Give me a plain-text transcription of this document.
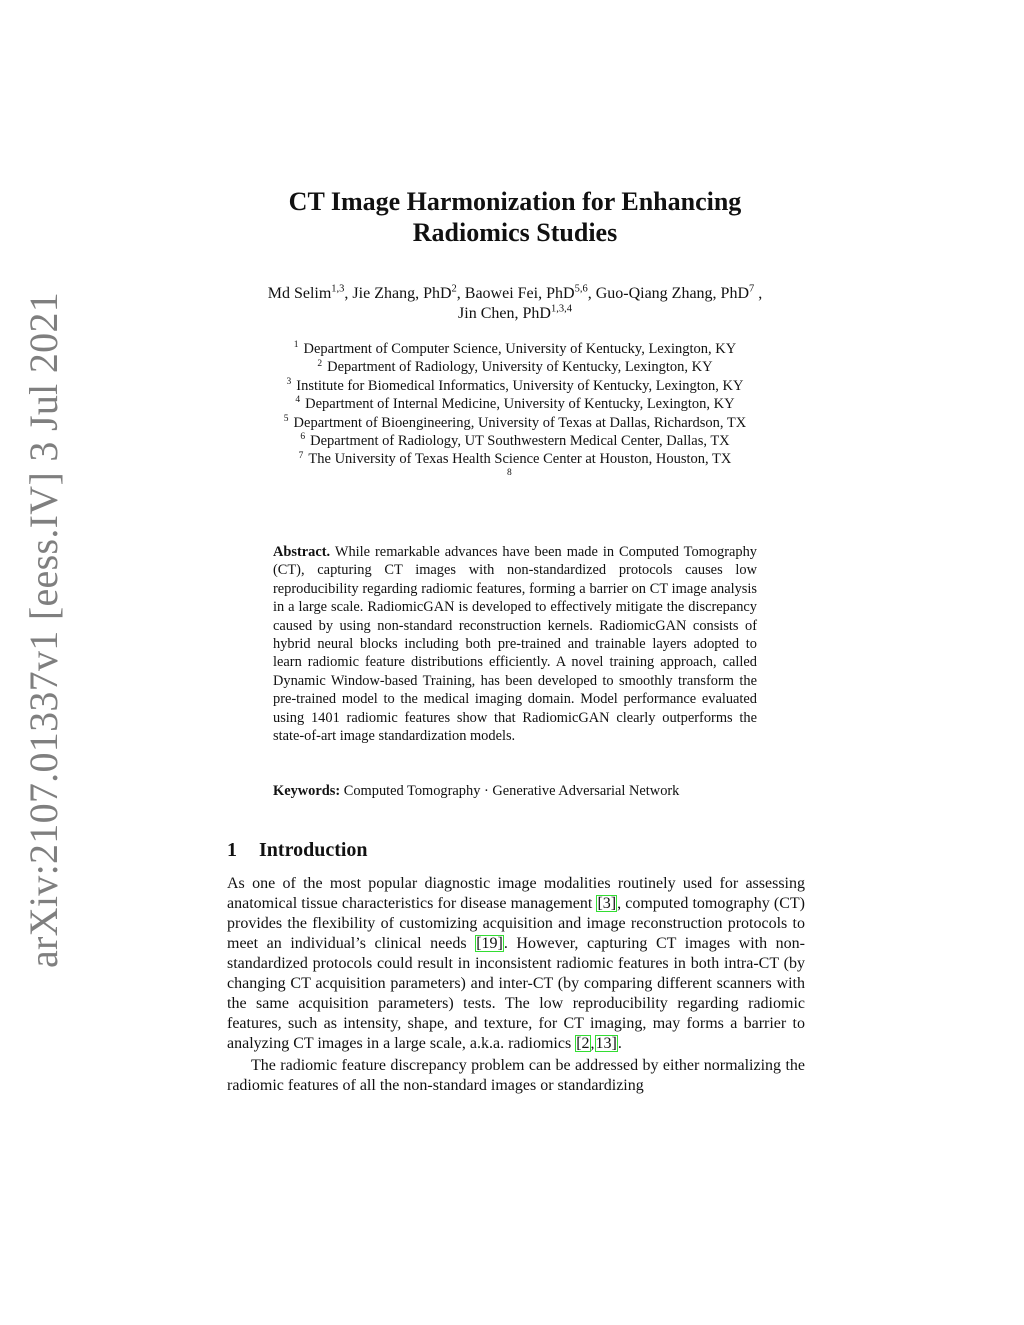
arXiv:2107.01337v1 [eess.IV] 3 Jul 2021
CT Image Harmonization for Enhancing
Radiomics Studies
Md Selim$^{1,3}$, Jie Zhang, PhD$^2$, Baowei Fei, PhD$^{5,6}$, Guo-Qiang Zhang, PhD$^7$ ,
Jin Chen, PhD$^{1,3,4}$
$^1$ Department of Computer Science, University of Kentucky, Lexington, KY
$^2$ Department of Radiology, University of Kentucky, Lexington, KY
$^3$ Institute for Biomedical Informatics, University of Kentucky, Lexington, KY
$^4$ Department of Internal Medicine, University of Kentucky, Lexington, KY
$^5$ Department of Bioengineering, University of Texas at Dallas, Richardson, TX
$^6$ Department of Radiology, UT Southwestern Medical Center, Dallas, TX
$^7$ The University of Texas Health Science Center at Houston, Houston, TX
8
Abstract. While remarkable advances have been made in Computed Tomography (CT), capturing CT images with non-standardized protocols causes low reproducibility regarding radiomic features, forming a barrier on CT image analysis in a large scale. RadiomicGAN is developed to effectively mitigate the discrepancy caused by using non-standard reconstruction kernels. RadiomicGAN consists of hybrid neural blocks including both pre-trained and trainable layers adopted to learn radiomic feature distributions efficiently. A novel training approach, called Dynamic Window-based Training, has been developed to smoothly transform the pre-trained model to the medical imaging domain. Model performance evaluated using 1401 radiomic features show that RadiomicGAN clearly outperforms the state-of-art image standardization models.
Keywords: Computed Tomography · Generative Adversarial Network
1 Introduction

As one of the most popular diagnostic image modalities routinely used for assessing anatomical tissue characteristics for disease management [3], computed tomography (CT) provides the flexibility of customizing acquisition and image reconstruction protocols to meet an individual’s clinical needs [19]. However, capturing CT images with non-standardized protocols could result in inconsistent radiomic features in both intra-CT (by changing CT acquisition parameters) and inter-CT (by comparing different scanners with the same acquisition parameters) tests. The low reproducibility regarding radiomic features, such as intensity, shape, and texture, for CT imaging, may forms a barrier to analyzing CT images in a large scale, a.k.a. radiomics [2,13].

The radiomic feature discrepancy problem can be addressed by either normalizing the radiomic features of all the non-standard images or standardizing
